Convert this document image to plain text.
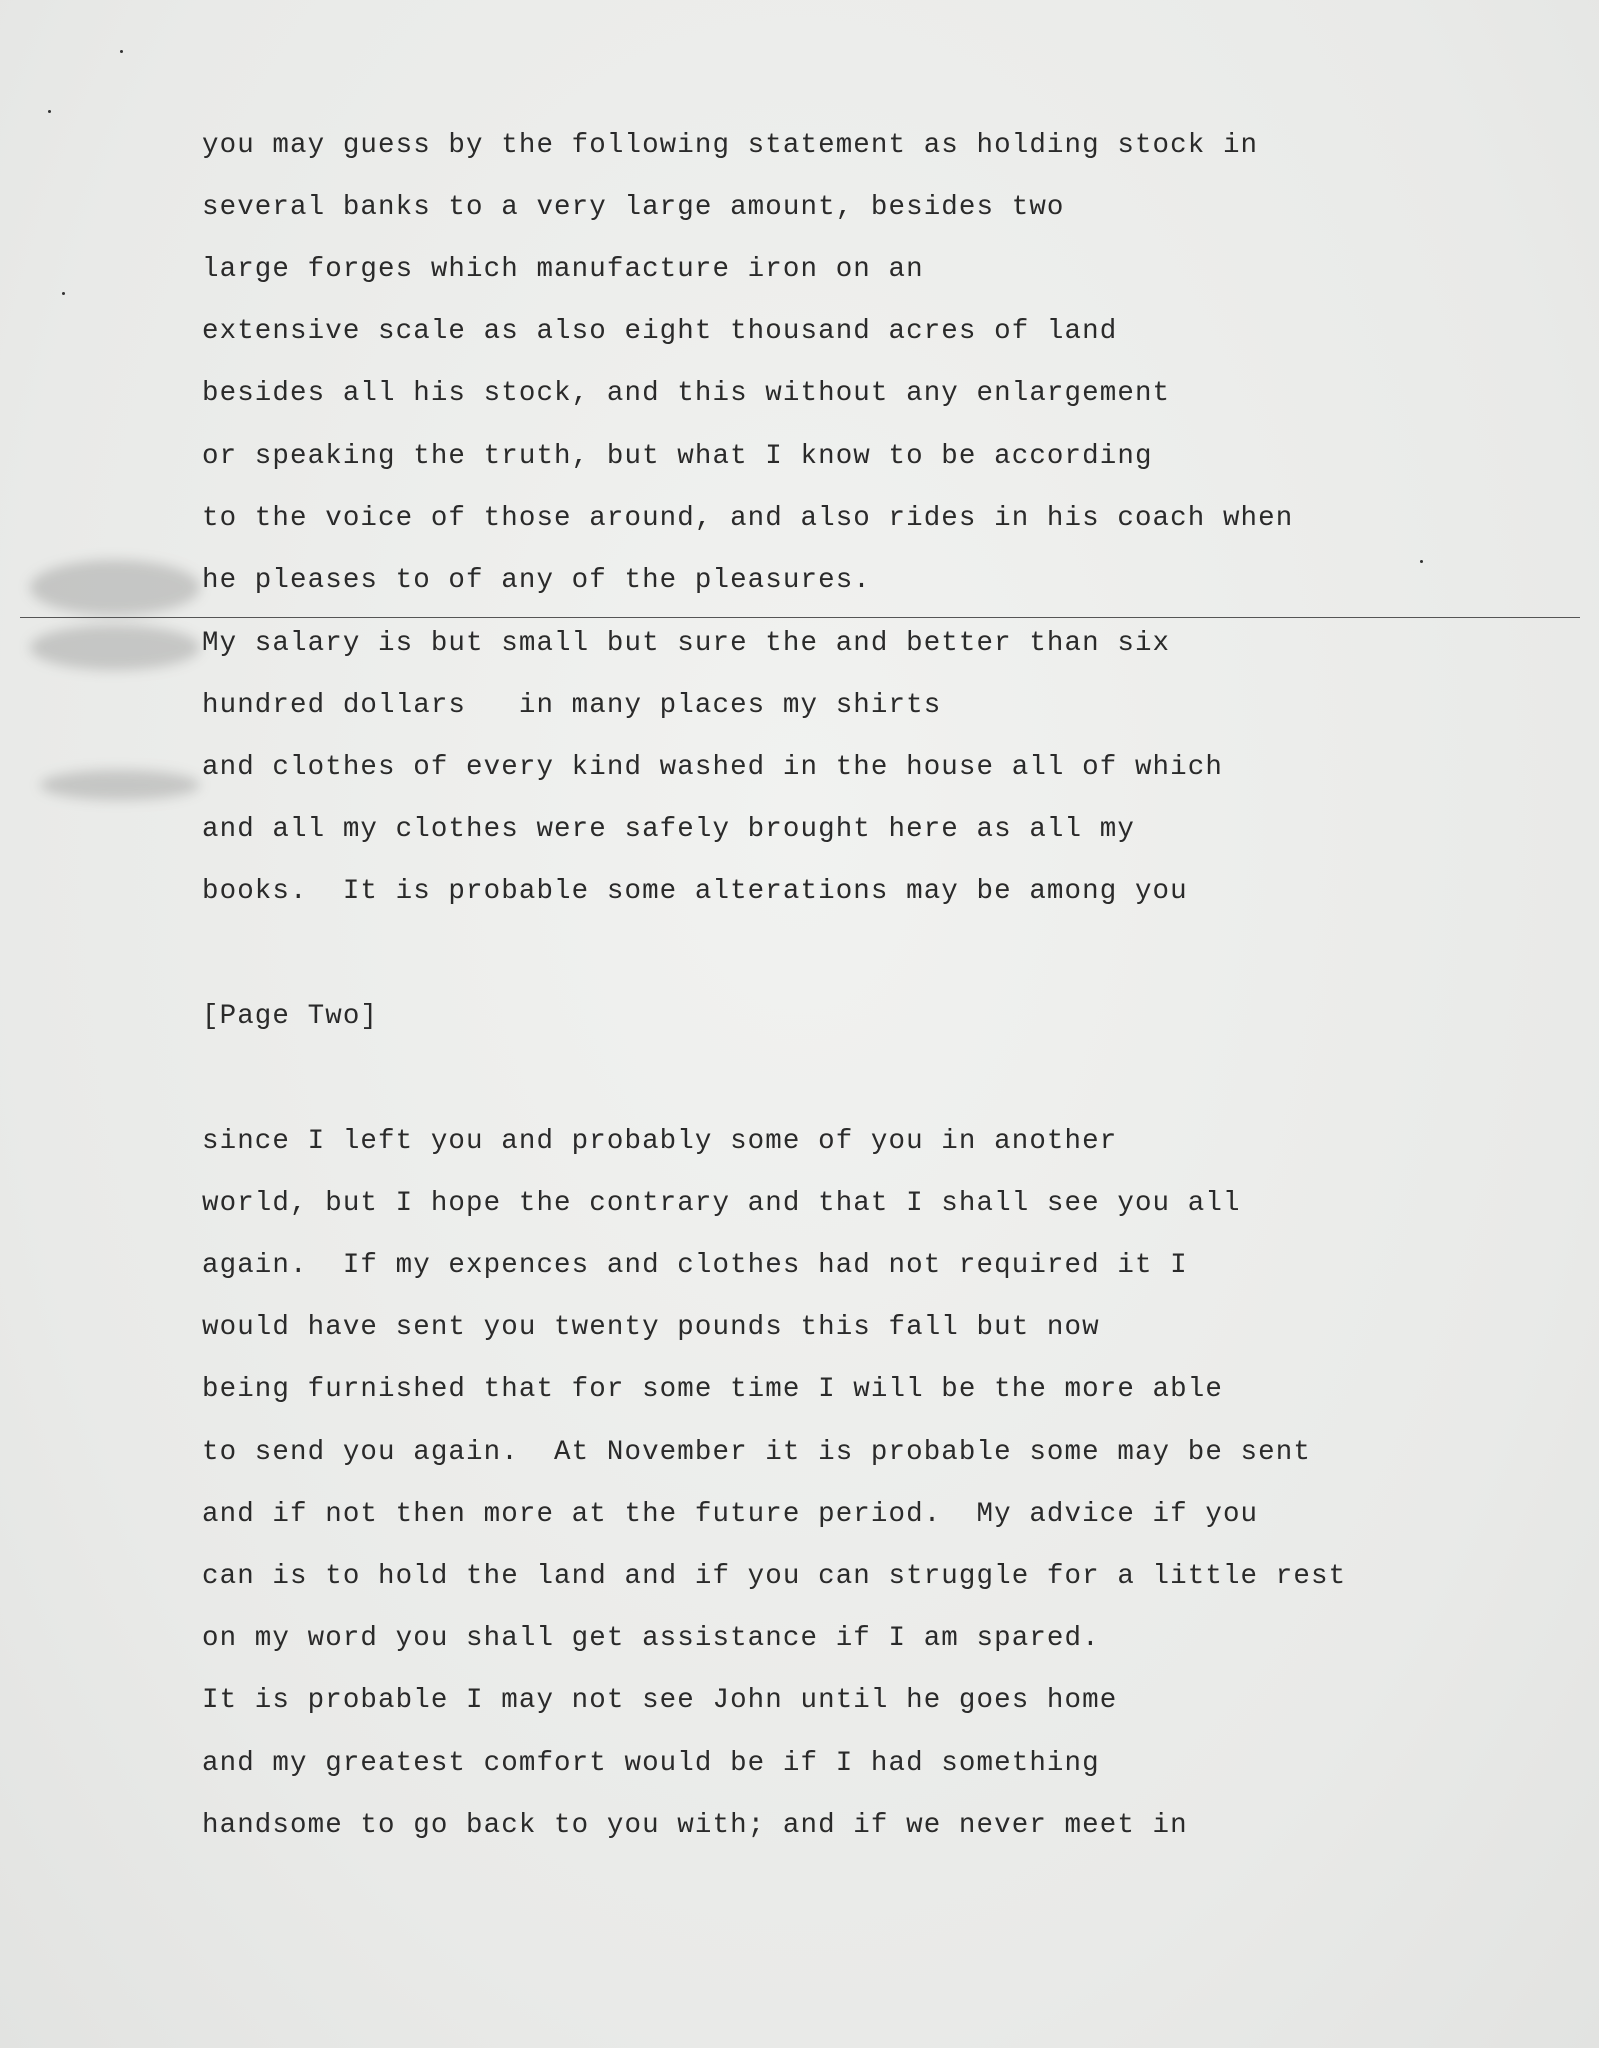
you may guess by the following statement as holding stock in
several banks to a very large amount, besides two
large forges which manufacture iron on an
extensive scale as also eight thousand acres of land
besides all his stock, and this without any enlargement
or speaking the truth, but what I know to be according
to the voice of those around, and also rides in his coach when
he pleases to of any of the pleasures.
My salary is but small but sure the and better than six
hundred dollars   in many places my shirts
and clothes of every kind washed in the house all of which
and all my clothes were safely brought here as all my
books.  It is probable some alterations may be among you
[Page Two]
since I left you and probably some of you in another
world, but I hope the contrary and that I shall see you all
again.  If my expences and clothes had not required it I
would have sent you twenty pounds this fall but now
being furnished that for some time I will be the more able
to send you again.  At November it is probable some may be sent
and if not then more at the future period.  My advice if you
can is to hold the land and if you can struggle for a little rest
on my word you shall get assistance if I am spared.
It is probable I may not see John until he goes home
and my greatest comfort would be if I had something
handsome to go back to you with; and if we never meet in
